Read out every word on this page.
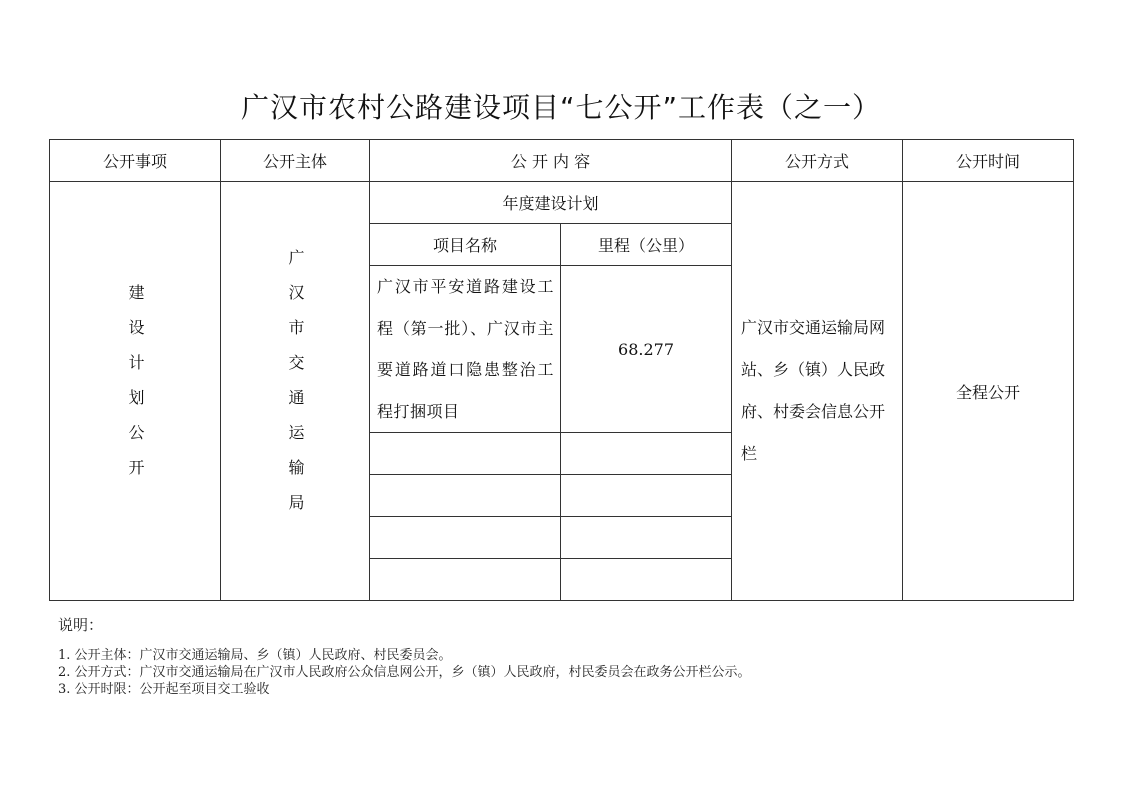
广汉市农村公路建设项目“七公开”工作表（之一）
公开事项	公开主体	公 开 内 容		公开方式	公开时间
建设计划公开	广汉市交通运输局	年度建设计划		广汉市交通运输局网站、乡（镇）人民政府、村委会信息公开栏	全程公开
		项目名称	里程（公里）		

		广汉市平安道路建设工程（第一批）、广汉市主要道路道口隐患整治工程打捆项目	68.277		

说明：
1. 公开主体：广汉市交通运输局、乡（镇）人民政府、村民委员会。
2. 公开方式：广汉市交通运输局在广汉市人民政府公众信息网公开，乡（镇）人民政府，村民委员会在政务公开栏公示。
3. 公开时限：公开起至项目交工验收
